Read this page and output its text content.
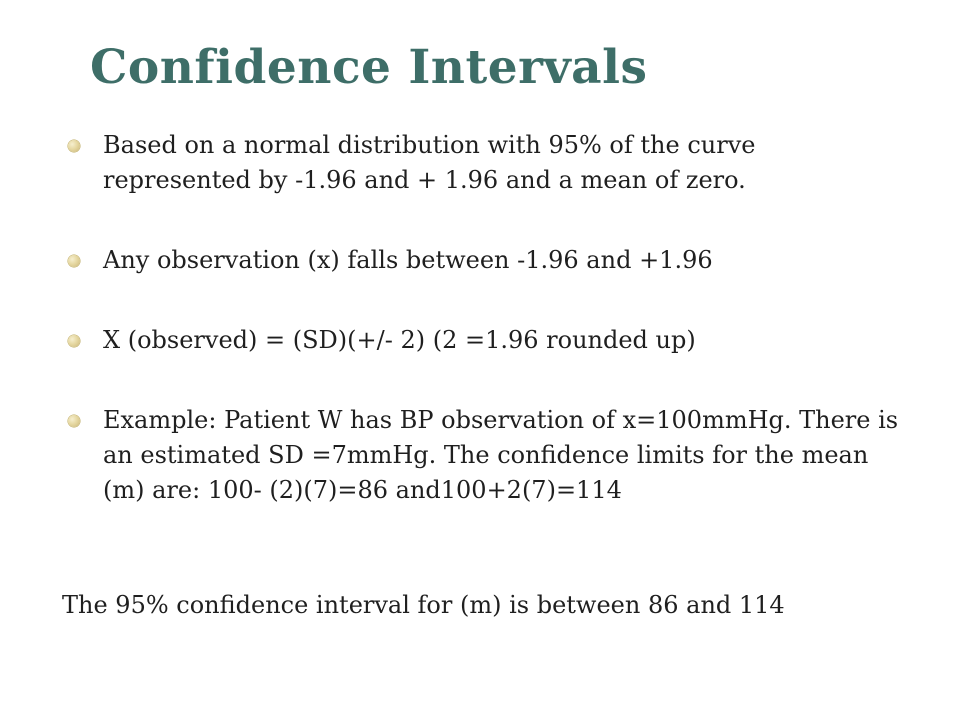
Confidence Intervals
Based on a normal distribution with 95% of the curve represented by -1.96 and + 1.96 and a mean of zero.
Any observation (x) falls between -1.96 and +1.96
X (observed) = (SD)(+/- 2) (2 =1.96 rounded up)
Example: Patient W has BP observation of x=100mmHg. There is an estimated SD =7mmHg. The confidence limits for the mean (m) are: 100- (2)(7)=86 and100+2(7)=114

The 95% confidence interval for (m) is between 86 and 114
